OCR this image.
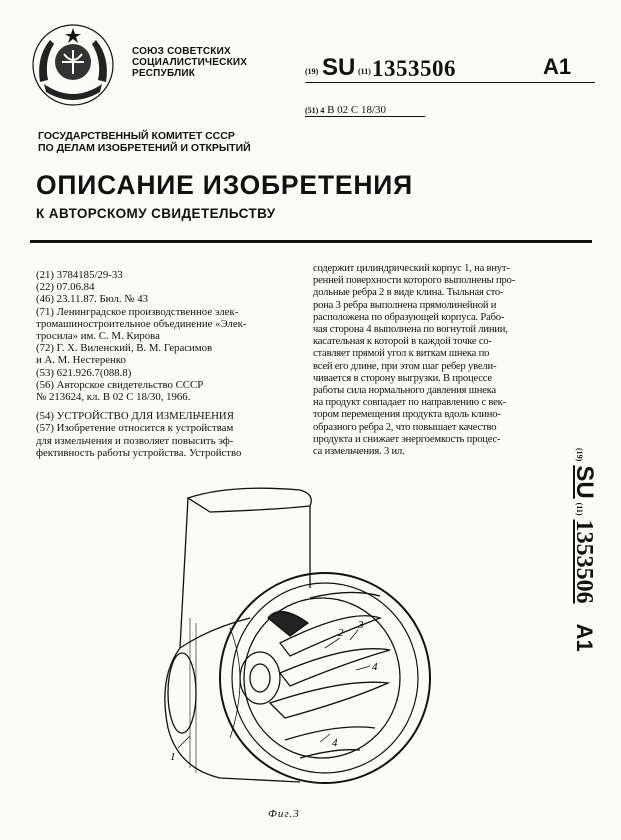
СОЮЗ СОВЕТСКИХ
СОЦИАЛИСТИЧЕСКИХ
РЕСПУБЛИК	(19) SU (11) 1353506	A1
(51) 4 B 02 C 18/30
ГОСУДАРСТВЕННЫЙ КОМИТЕТ СССР
ПО ДЕЛАМ ИЗОБРЕТЕНИЙ И ОТКРЫТИЙ
ОПИСАНИЕ ИЗОБРЕТЕНИЯ
К АВТОРСКОМУ СВИДЕТЕЛЬСТВУ
(21) 3784185/29-33
(22) 07.06.84
(46) 23.11.87. Бюл. № 43
(71) Ленинградское производственное элек-
тромашиностроительное объединение «Элек-
тросила» им. С. М. Кирова
(72) Г. Х. Виленский, В. М. Герасимов
и А. М. Нестеренко
(53) 621.926.7(088.8)
(56) Авторское свидетельство СССР
№ 213624, кл. B 02 C 18/30, 1966.
(54) УСТРОЙСТВО ДЛЯ ИЗМЕЛЬЧЕНИЯ
(57) Изобретение относится к устройствам
для измельчения и позволяет повысить эф-
фективность работы устройства. Устройство
содержит цилиндрический корпус 1, на внут-
ренней поверхности которого выполнены про-
дольные ребра 2 в виде клина. Тыльная сто-
рона 3 ребра выполнена прямолинейной и
расположена по образующей корпуса. Рабо-
чая сторона 4 выполнена по вогнутой линии,
касательная к которой в каждой точке со-
ставляет прямой угол к виткам шнека по
всей его длине, при этом шаг ребер увели-
чивается в сторону выгрузки. В процессе
работы сила нормального давления шнека
на продукт совпадает по направлению с век-
тором перемещения продукта вдоль клино-
образного ребра 2, что повышает качество
продукта и снижает энергоемкость процес-
са измельчения. 3 ил.	(19) SU (11) 1353506 A1
1
2
3
4
4
Фиг.3
